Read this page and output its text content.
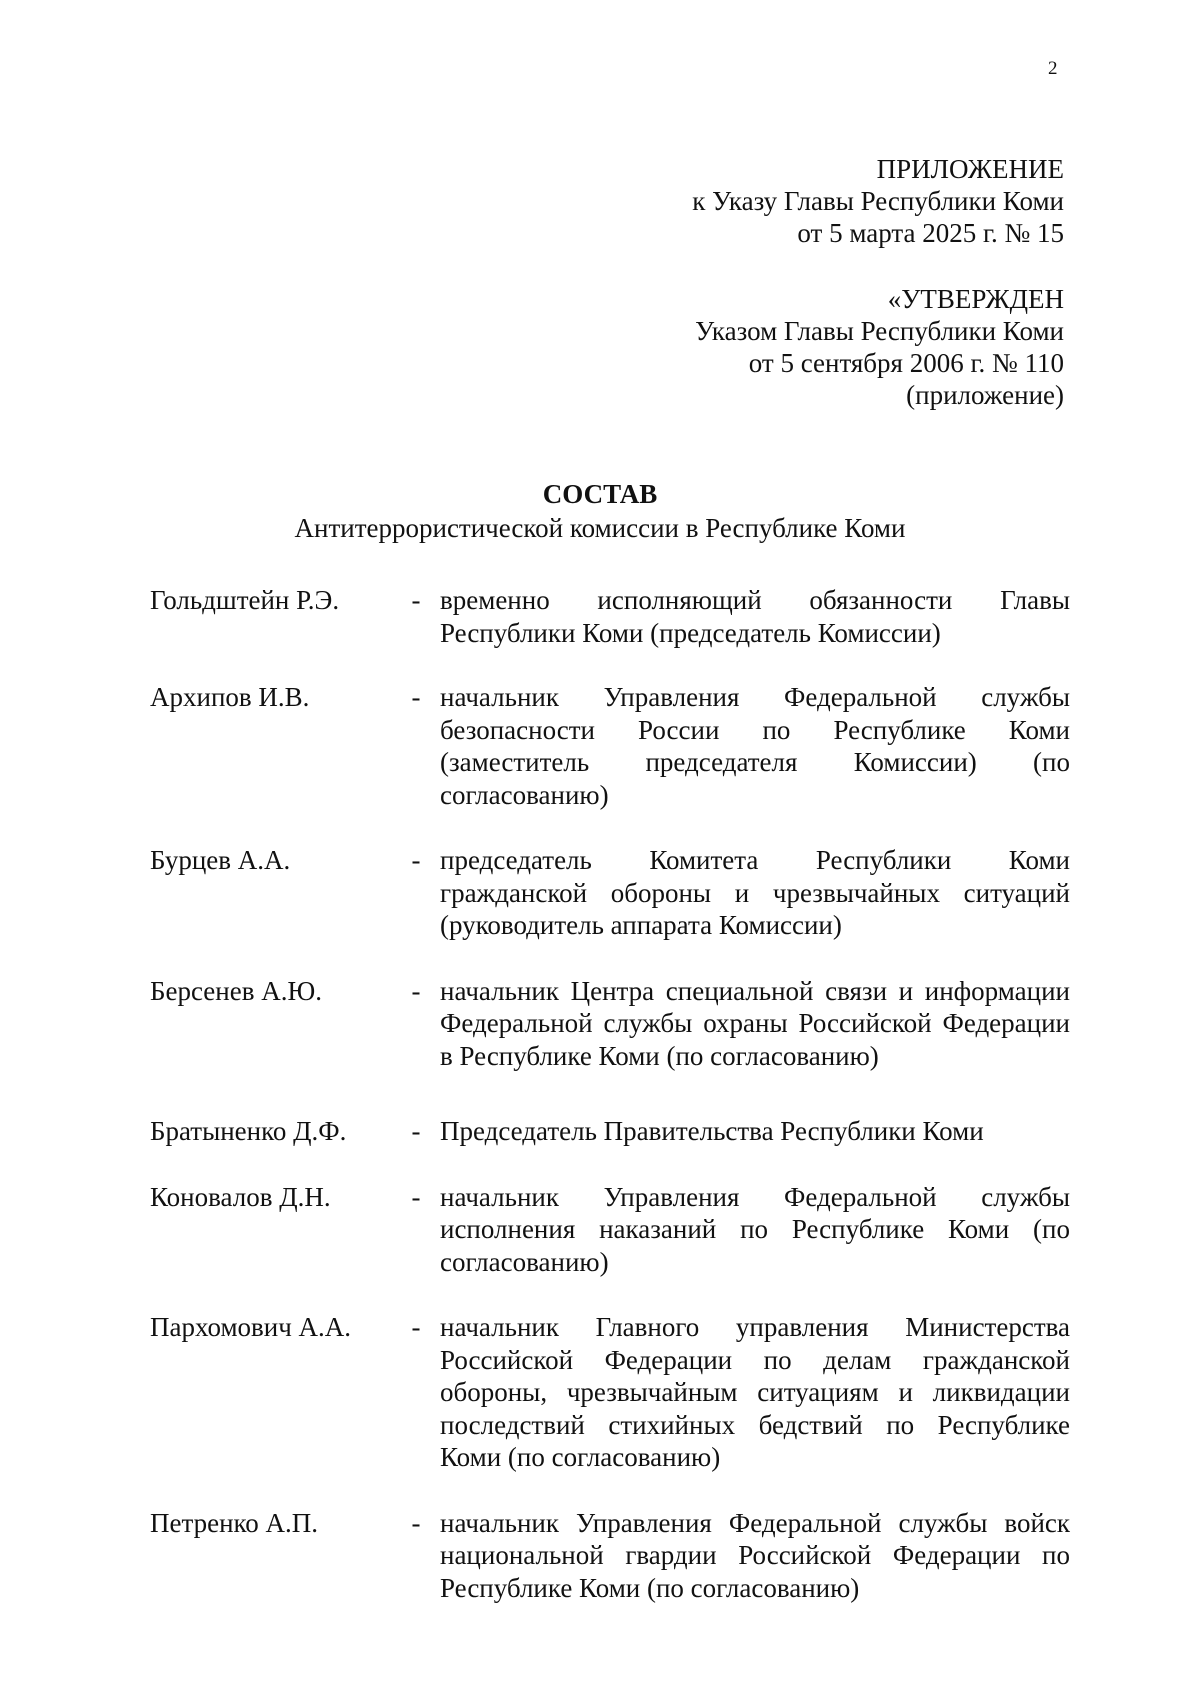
2
ПРИЛОЖЕНИЕ
к Указу Главы Республики Коми
от 5 марта 2025 г. № 15
«УТВЕРЖДЕН
Указом Главы Республики Коми
от 5 сентября 2006 г. № 110
(приложение)
СОСТАВ
Антитеррористической комиссии в Республике Коми
Гольдштейн Р.Э.	- временно исполняющий обязанности Главы Республики Коми (председатель Комиссии)
Архипов И.В.	- начальник Управления Федеральной службы безопасности России по Республике Коми (заместитель председателя Комиссии) (по согласованию)
Бурцев А.А.	- председатель Комитета Республики Коми гражданской обороны и чрезвычайных ситуаций (руководитель аппарата Комиссии)
Берсенев А.Ю.	- начальник Центра специальной связи и информации Федеральной службы охраны Российской Федерации в Республике Коми (по согласованию)
Братыненко Д.Ф.	- Председатель Правительства Республики Коми
Коновалов Д.Н.	- начальник Управления Федеральной службы исполнения наказаний по Республике Коми (по согласованию)
Пархомович А.А.	- начальник Главного управления Министерства Российской Федерации по делам гражданской обороны, чрезвычайным ситуациям и ликвидации последствий стихийных бедствий по Республике Коми (по согласованию)
Петренко А.П.	- начальник Управления Федеральной службы войск национальной гвардии Российской Федерации по Республике Коми (по согласованию)
